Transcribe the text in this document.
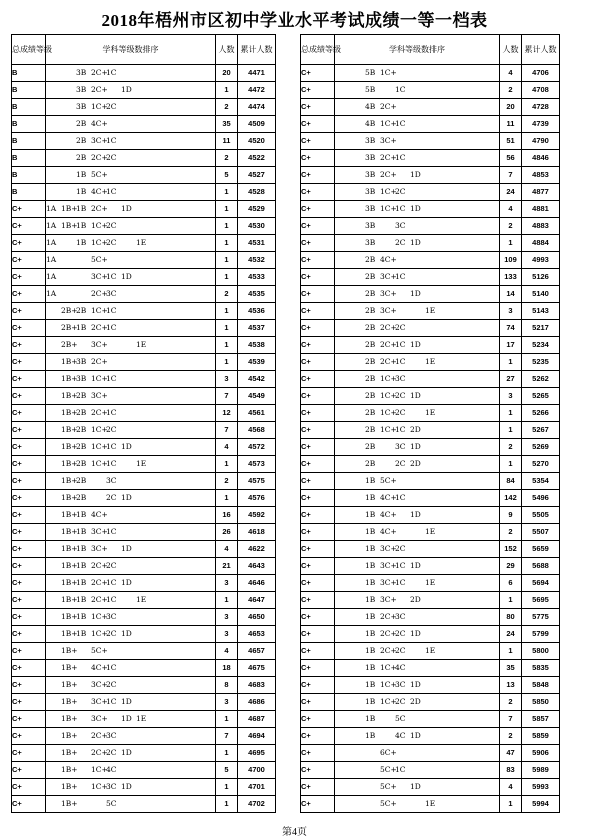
2018年梧州市区初中学业水平考试成绩一等一档表
总成绩等级	学科等级数排序	人数	累计人数
B	3B 2C+1C	20	4471
B	3B 2C+ 1D	1	4472
B	3B 1C+2C	2	4474
B	2B 4C+	35	4509
B	2B 3C+1C	11	4520
B	2B 2C+2C	2	4522
B	1B 5C+	5	4527
B	1B 4C+1C	1	4528
C+	1A 1B+1B 2C+ 1D	1	4529
C+	1A 1B+1B 1C+2C	1	4530
C+	1A 1B 1C+2C 1E	1	4531
C+	1A 5C+	1	4532
C+	1A 3C+1C 1D	1	4533
C+	1A 2C+3C	2	4535
C+	2B+2B 1C+1C	1	4536
C+	2B+1B 2C+1C	1	4537
C+	2B+ 3C+ 1E	1	4538
C+	1B+3B 2C+	1	4539
C+	1B+3B 1C+1C	3	4542
C+	1B+2B 3C+	7	4549
C+	1B+2B 2C+1C	12	4561
C+	1B+2B 1C+2C	7	4568
C+	1B+2B 1C+1C 1D	4	4572
C+	1B+2B 1C+1C 1E	1	4573
C+	1B+2B 3C	2	4575
C+	1B+2B 2C 1D	1	4576
C+	1B+1B 4C+	16	4592
C+	1B+1B 3C+1C	26	4618
C+	1B+1B 3C+ 1D	4	4622
C+	1B+1B 2C+2C	21	4643
C+	1B+1B 2C+1C 1D	3	4646
C+	1B+1B 2C+1C 1E	1	4647
C+	1B+1B 1C+3C	3	4650
C+	1B+1B 1C+2C 1D	3	4653
C+	1B+ 5C+	4	4657
C+	1B+ 4C+1C	18	4675
C+	1B+ 3C+2C	8	4683
C+	1B+ 3C+1C 1D	3	4686
C+	1B+ 3C+ 1D 1E	1	4687
C+	1B+ 2C+3C	7	4694
C+	1B+ 2C+2C 1D	1	4695
C+	1B+ 1C+4C	5	4700
C+	1B+ 1C+3C 1D	1	4701
C+	1B+ 5C	1	4702
总成绩等级	学科等级数排序	人数	累计人数
C+	5B 1C+	4	4706
C+	5B 1C	2	4708
C+	4B 2C+	20	4728
C+	4B 1C+1C	11	4739
C+	3B 3C+	51	4790
C+	3B 2C+1C	56	4846
C+	3B 2C+ 1D	7	4853
C+	3B 1C+2C	24	4877
C+	3B 1C+1C 1D	4	4881
C+	3B 3C	2	4883
C+	3B 2C 1D	1	4884
C+	2B 4C+	109	4993
C+	2B 3C+1C	133	5126
C+	2B 3C+ 1D	14	5140
C+	2B 3C+ 1E	3	5143
C+	2B 2C+2C	74	5217
C+	2B 2C+1C 1D	17	5234
C+	2B 2C+1C 1E	1	5235
C+	2B 1C+3C	27	5262
C+	2B 1C+2C 1D	3	5265
C+	2B 1C+2C 1E	1	5266
C+	2B 1C+1C 2D	1	5267
C+	2B 3C 1D	2	5269
C+	2B 2C 2D	1	5270
C+	1B 5C+	84	5354
C+	1B 4C+1C	142	5496
C+	1B 4C+ 1D	9	5505
C+	1B 4C+ 1E	2	5507
C+	1B 3C+2C	152	5659
C+	1B 3C+1C 1D	29	5688
C+	1B 3C+1C 1E	6	5694
C+	1B 3C+ 2D	1	5695
C+	1B 2C+3C	80	5775
C+	1B 2C+2C 1D	24	5799
C+	1B 2C+2C 1E	1	5800
C+	1B 1C+4C	35	5835
C+	1B 1C+3C 1D	13	5848
C+	1B 1C+2C 2D	2	5850
C+	1B 5C	7	5857
C+	1B 4C 1D	2	5859
C+	6C+	47	5906
C+	5C+1C	83	5989
C+	5C+ 1D	4	5993
C+	5C+ 1E	1	5994
第4页
